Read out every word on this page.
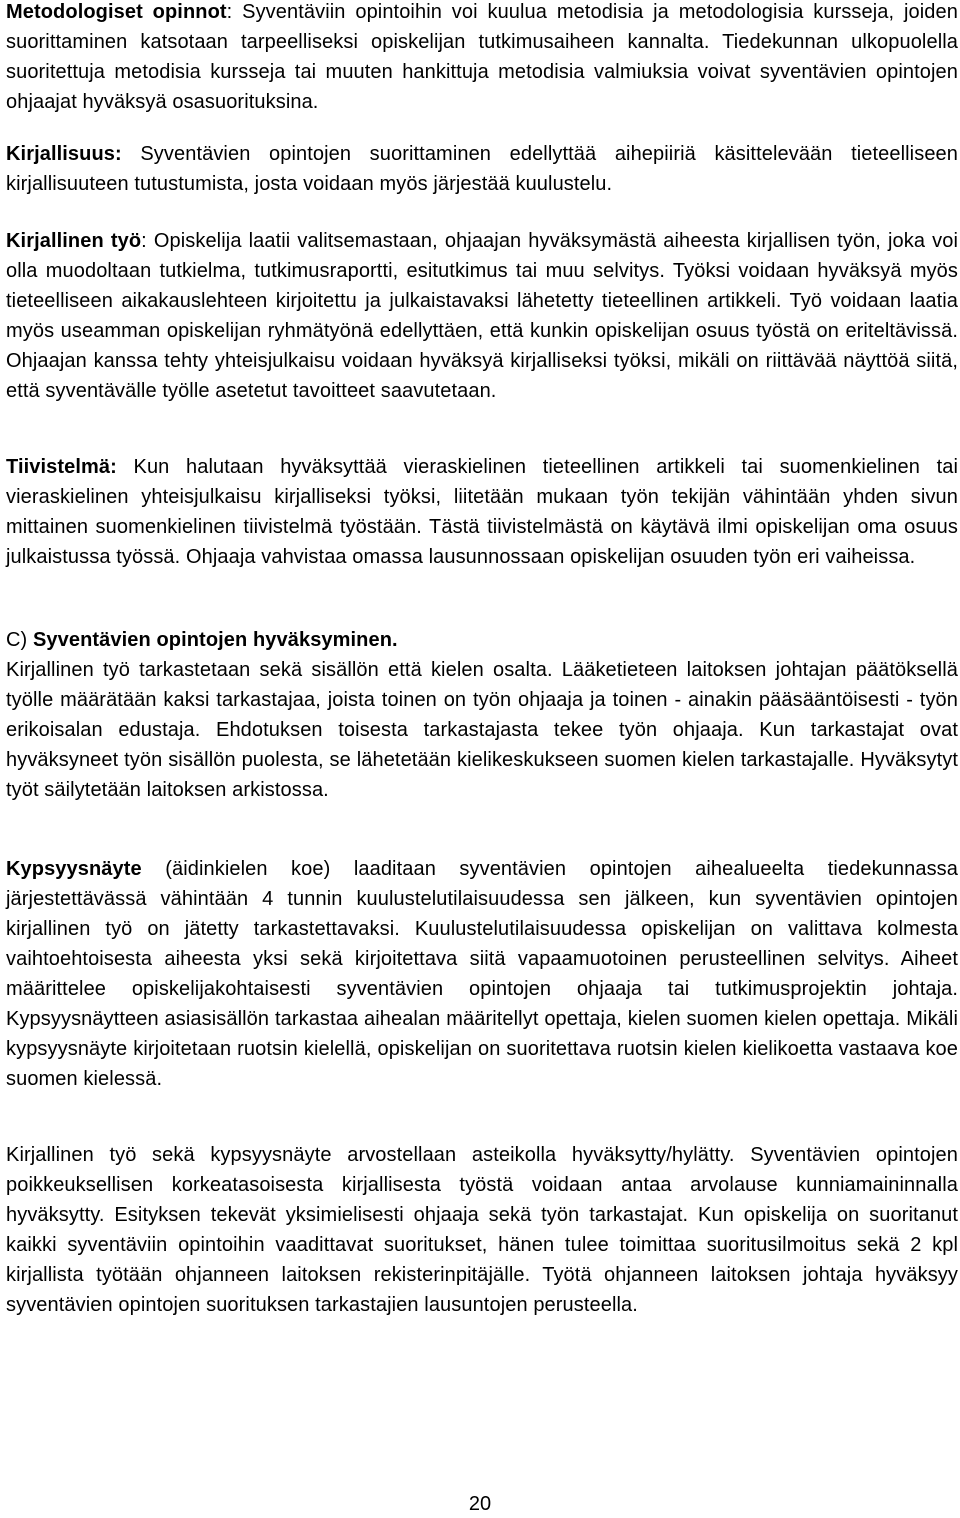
Metodologiset opinnot: Syventäviin opintoihin voi kuulua metodisia ja metodologisia kursseja, joiden suorittaminen katsotaan tarpeelliseksi opiskelijan tutkimusaiheen kannalta. Tiedekunnan ulkopuolella suoritettuja metodisia kursseja tai muuten hankittuja metodisia valmiuksia voivat syventävien opintojen ohjaajat hyväksyä osasuorituksina.

Kirjallisuus: Syventävien opintojen suorittaminen edellyttää aihepiiriä käsittelevään tieteelliseen kirjallisuuteen tutustumista, josta voidaan myös järjestää kuulustelu.

Kirjallinen työ: Opiskelija laatii valitsemastaan, ohjaajan hyväksymästä aiheesta kirjallisen työn, joka voi olla muodoltaan tutkielma, tutkimusraportti, esitutkimus tai muu selvitys. Työksi voidaan hyväksyä myös tieteelliseen aikakauslehteen kirjoitettu ja julkaistavaksi lähetetty tieteellinen artikkeli. Työ voidaan laatia myös useamman opiskelijan ryhmätyönä edellyttäen, että kunkin opiskelijan osuus työstä on eriteltävissä. Ohjaajan kanssa tehty yhteisjulkaisu voidaan hyväksyä kirjalliseksi työksi, mikäli on riittävää näyttöä siitä, että syventävälle työlle asetetut tavoitteet saavutetaan.

Tiivistelmä: Kun halutaan hyväksyttää vieraskielinen tieteellinen artikkeli tai suomenkielinen tai vieraskielinen yhteisjulkaisu kirjalliseksi työksi, liitetään mukaan työn tekijän vähintään yhden sivun mittainen suomenkielinen tiivistelmä työstään. Tästä tiivistelmästä on käytävä ilmi opiskelijan oma osuus julkaistussa työssä. Ohjaaja vahvistaa omassa lausunnossaan opiskelijan osuuden työn eri vaiheissa.

C) Syventävien opintojen hyväksyminen.
Kirjallinen työ tarkastetaan sekä sisällön että kielen osalta. Lääketieteen laitoksen johtajan päätöksellä työlle määrätään kaksi tarkastajaa, joista toinen on työn ohjaaja ja toinen - ainakin pääsääntöisesti - työn erikoisalan edustaja. Ehdotuksen toisesta tarkastajasta tekee työn ohjaaja. Kun tarkastajat ovat hyväksyneet työn sisällön puolesta, se lähetetään kielikeskukseen suomen kielen tarkastajalle. Hyväksytyt työt säilytetään laitoksen arkistossa.

Kypsyysnäyte (äidinkielen koe) laaditaan syventävien opintojen aihealueelta tiedekunnassa järjestettävässä vähintään 4 tunnin kuulustelutilaisuudessa sen jälkeen, kun syventävien opintojen kirjallinen työ on jätetty tarkastettavaksi. Kuulustelutilaisuudessa opiskelijan on valittava kolmesta vaihtoehtoisesta aiheesta yksi sekä kirjoitettava siitä vapaamuotoinen perusteellinen selvitys. Aiheet määrittelee opiskelijakohtaisesti syventävien opintojen ohjaaja tai tutkimusprojektin johtaja. Kypsyysnäytteen asiasisällön tarkastaa aihealan määritellyt opettaja, kielen suomen kielen opettaja. Mikäli kypsyysnäyte kirjoitetaan ruotsin kielellä, opiskelijan on suoritettava ruotsin kielen kielikoetta vastaava koe suomen kielessä.

Kirjallinen työ sekä kypsyysnäyte arvostellaan asteikolla hyväksytty/hylätty. Syventävien opintojen poikkeuksellisen korkeatasoisesta kirjallisesta työstä voidaan antaa arvolause kunniamaininnalla hyväksytty. Esityksen tekevät yksimielisesti ohjaaja sekä työn tarkastajat. Kun opiskelija on suoritanut kaikki syventäviin opintoihin vaadittavat suoritukset, hänen tulee toimittaa suoritusilmoitus sekä 2 kpl kirjallista työtään ohjanneen laitoksen rekisterinpitäjälle. Työtä ohjanneen laitoksen johtaja hyväksyy syventävien opintojen suorituksen tarkastajien lausuntojen perusteella.

20
